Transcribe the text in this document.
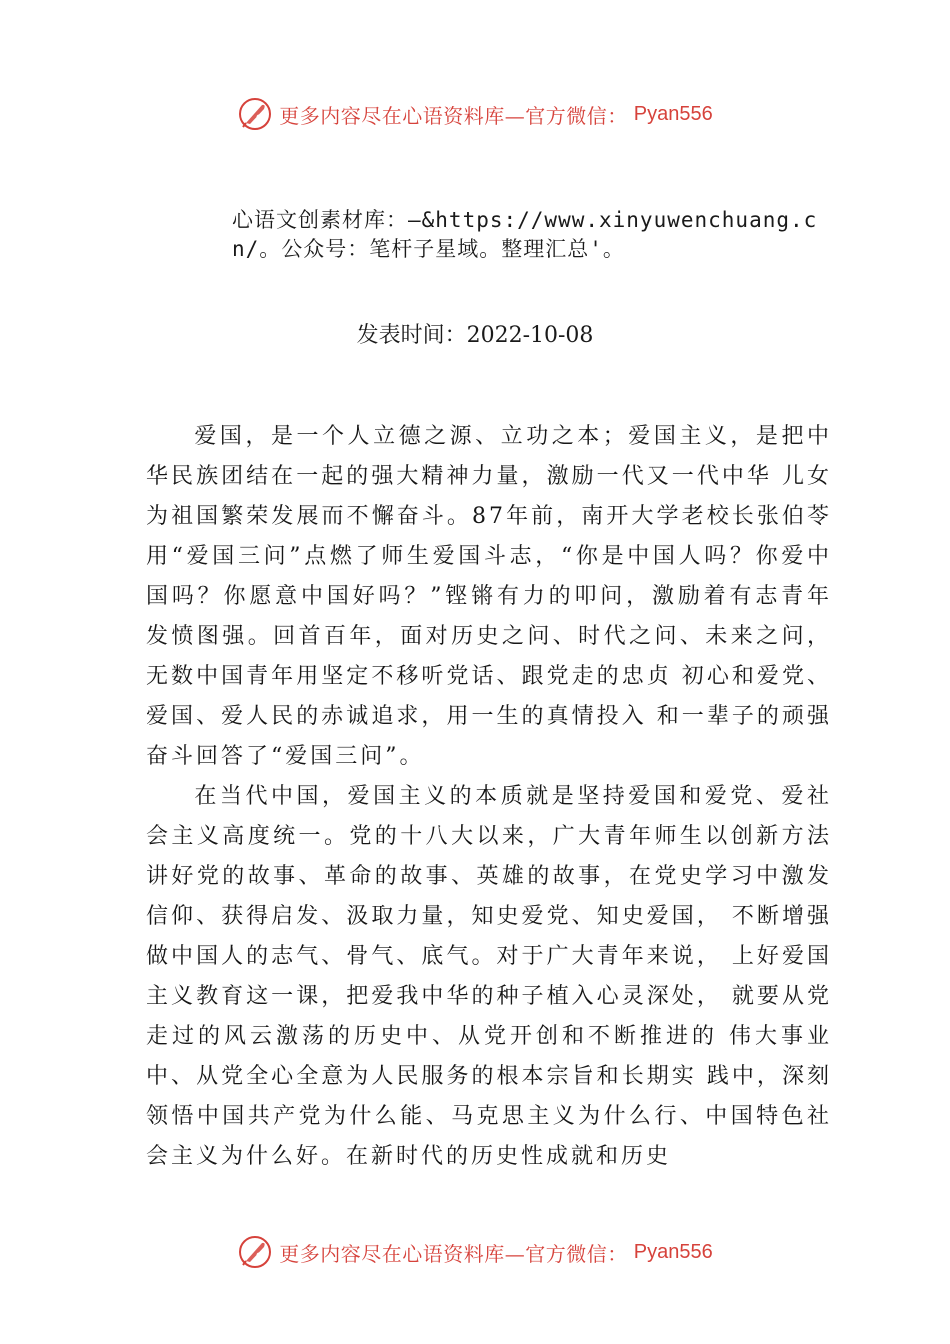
更多内容尽在心语资料库—官方微信： Pyan556
心语文创素材库：—&https://www.xinyuwenchuang.cn/。公众号：笔杆子星域。整理汇总'。
发表时间：2022-10-08

爱国，是一个人立德之源、立功之本；爱国主义，是把中华民族团结在一起的强大精神力量，激励一代又一代中华 儿女为祖国繁荣发展而不懈奋斗。87年前，南开大学老校长张伯苓用“爱国三问”点燃了师生爱国斗志，“你是中国人吗？你爱中国吗？你愿意中国好吗？”铿锵有力的叩问，激励着有志青年发愤图强。回首百年，面对历史之问、时代之问、未来之问，无数中国青年用坚定不移听党话、跟党走的忠贞 初心和爱党、爱国、爱人民的赤诚追求，用一生的真情投入 和一辈子的顽强奋斗回答了“爱国三问”。

在当代中国，爱国主义的本质就是坚持爱国和爱党、爱社会主义高度统一。党的十八大以来，广大青年师生以创新方法讲好党的故事、革命的故事、英雄的故事，在党史学习中激发信仰、获得启发、汲取力量，知史爱党、知史爱国， 不断增强做中国人的志气、骨气、底气。对于广大青年来说， 上好爱国主义教育这一课，把爱我中华的种子植入心灵深处， 就要从党走过的风云激荡的历史中、从党开创和不断推进的 伟大事业中、从党全心全意为人民服务的根本宗旨和长期实 践中，深刻领悟中国共产党为什么能、马克思主义为什么行、中国特色社会主义为什么好。在新时代的历史性成就和历史

更多内容尽在心语资料库—官方微信： Pyan556
